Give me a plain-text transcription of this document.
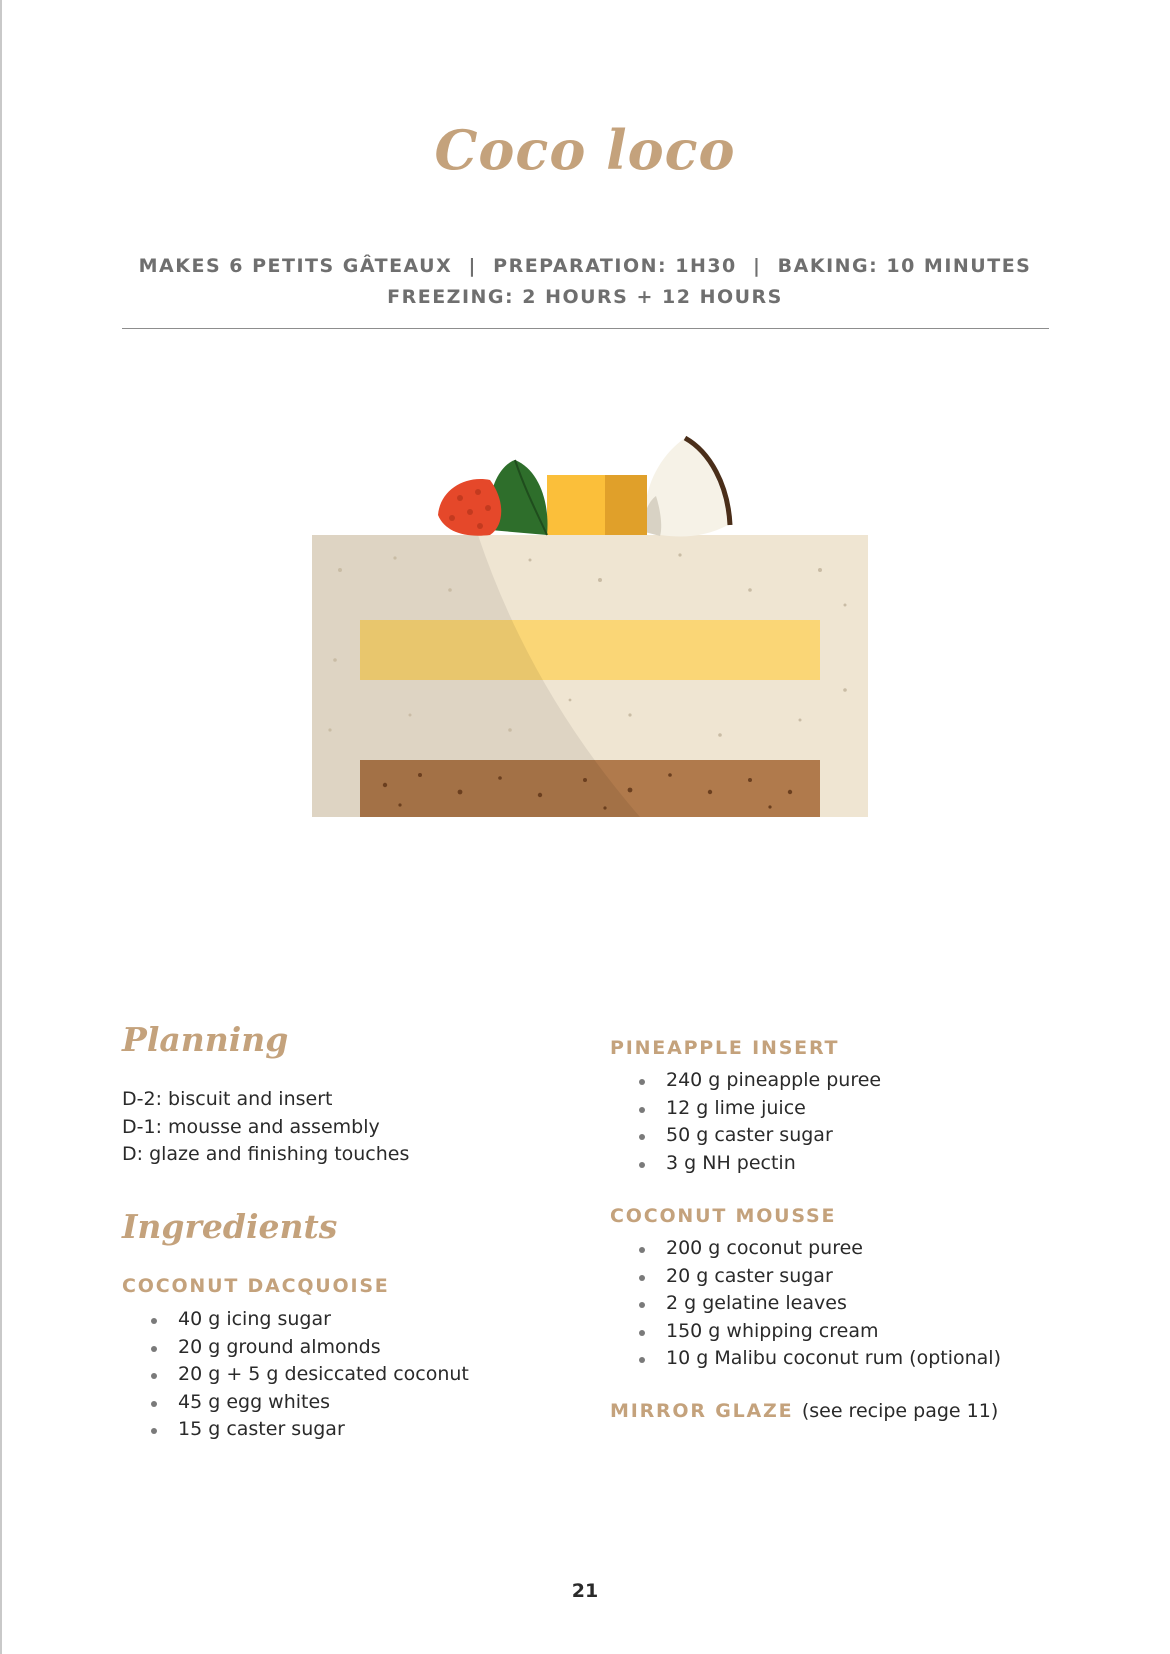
Coco loco
MAKES 6 PETITS GÂTEAUX  |  PREPARATION: 1H30  |  BAKING: 10 MINUTES
FREEZING: 2 HOURS + 12 HOURS
Planning
D-2: biscuit and insert
D-1: mousse and assembly
D: glaze and finishing touches
Ingredients
COCONUT DACQUOISE
40 g icing sugar
20 g ground almonds
20 g + 5 g desiccated coconut
45 g egg whites
15 g caster sugar
PINEAPPLE INSERT
240 g pineapple puree
12 g lime juice
50 g caster sugar
3 g NH pectin
COCONUT MOUSSE
200 g coconut puree
20 g caster sugar
2 g gelatine leaves
150 g whipping cream
10 g Malibu coconut rum (optional)
MIRROR GLAZE (see recipe page 11)
21
